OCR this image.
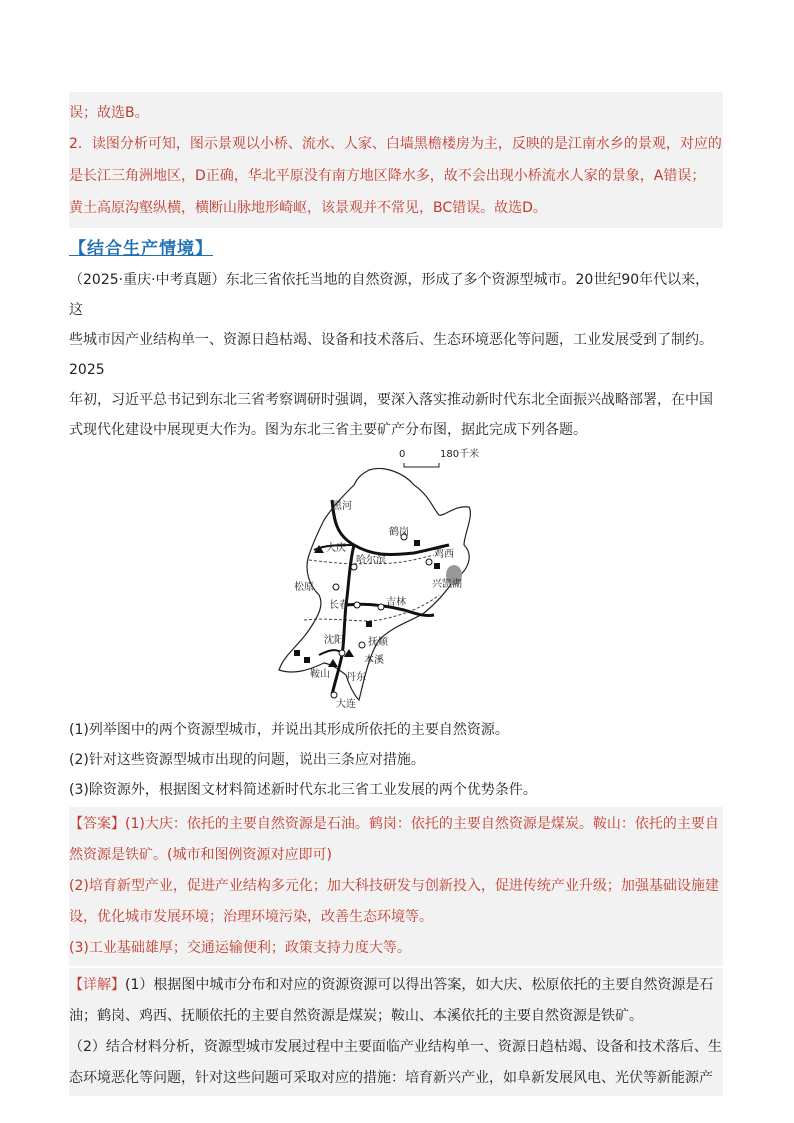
误；故选B。

2．读图分析可知，图示景观以小桥、流水、人家、白墙黑檐楼房为主，反映的是江南水乡的景观，对应的

是长江三角洲地区，D正确，华北平原没有南方地区降水多，故不会出现小桥流水人家的景象，A错误；

黄土高原沟壑纵横，横断山脉地形崎岖，该景观并不常见，BC错误。故选D。

【结合生产情境】

（2025·重庆·中考真题）东北三省依托当地的自然资源，形成了多个资源型城市。20世纪90年代以来，这

些城市因产业结构单一、资源日趋枯竭、设备和技术落后、生态环境恶化等问题，工业发展受到了制约。2025

年初，习近平总书记到东北三省考察调研时强调，要深入落实推动新时代东北全面振兴战略部署，在中国

式现代化建设中展现更大作为。图为东北三省主要矿产分布图，据此完成下列各题。

0	180千米
黑河
鹤岗
鸡西
大庆
哈尔滨
兴凯湖
松原
长春	吉林
沈阳 抚顺
本溪
鞍山 丹东
大连

(1)列举图中的两个资源型城市，并说出其形成所依托的主要自然资源。

(2)针对这些资源型城市出现的问题，说出三条应对措施。

(3)除资源外，根据图文材料简述新时代东北三省工业发展的两个优势条件。

【答案】(1)大庆：依托的主要自然资源是石油。鹤岗：依托的主要自然资源是煤炭。鞍山：依托的主要自

然资源是铁矿。(城市和图例资源对应即可)

(2)培育新型产业，促进产业结构多元化；加大科技研发与创新投入，促进传统产业升级；加强基础设施建

设，优化城市发展环境；治理环境污染，改善生态环境等。

(3)工业基础雄厚；交通运输便利；政策支持力度大等。

【详解】(1）根据图中城市分布和对应的资源资源可以得出答案，如大庆、松原依托的主要自然资源是石

油；鹤岗、鸡西、抚顺依托的主要自然资源是煤炭；鞍山、本溪依托的主要自然资源是铁矿。

（2）结合材料分析，资源型城市发展过程中主要面临产业结构单一、资源日趋枯竭、设备和技术落后、生

态环境恶化等问题，针对这些问题可采取对应的措施：培育新兴产业，如阜新发展风电、光伏等新能源产
